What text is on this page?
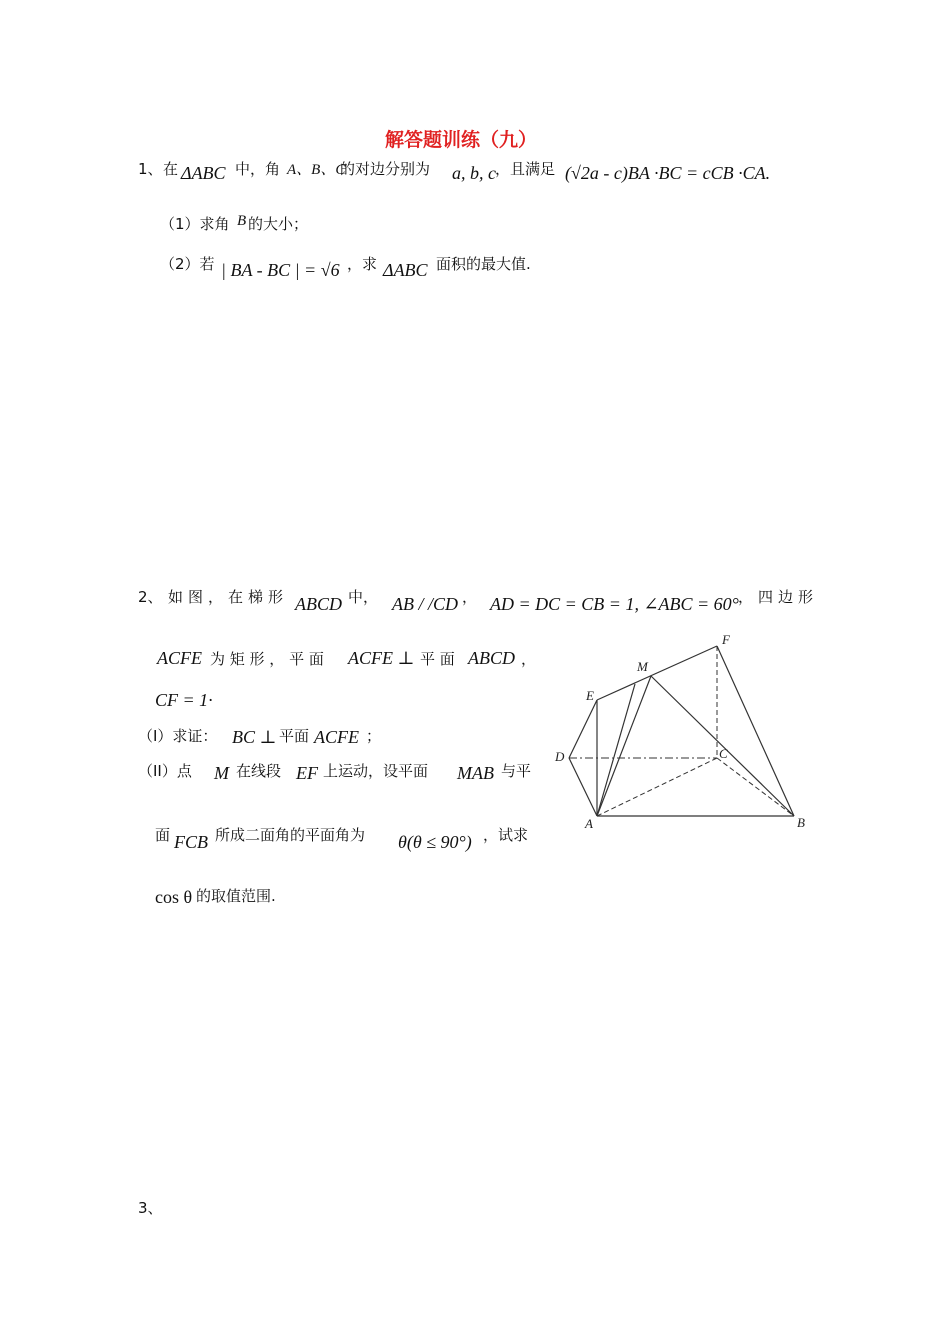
解答题训练（九）
1、 在 ΔABC 中，角 A、B、C
的对边分别为 a, b, c ，且满足 (√2a - c)BA ·BC = cCB ·CA.
（1）求角 B 的大小；
（2）若 | BA - BC | = √6 ，求 ΔABC 面积的最大值.
2、 如图，在梯形 ABCD 中， AB / /CD ， AD = DC = CB = 1, ∠ABC = 60° ，四边形
ACFE 为 矩 形 ， 平 面 ACFE ⊥ 平 面 ABCD ，
CF = 1·
（I）求证： BC ⊥ 平面 ACFE ；
（II）点 M 在线段 EF 上运动，设平面 MAB 与平
面 FCB 所成二面角的平面角为 θ(θ ≤ 90°) ，试求
cos θ 的取值范围.
A	B
C
D
E
F
M
3、
